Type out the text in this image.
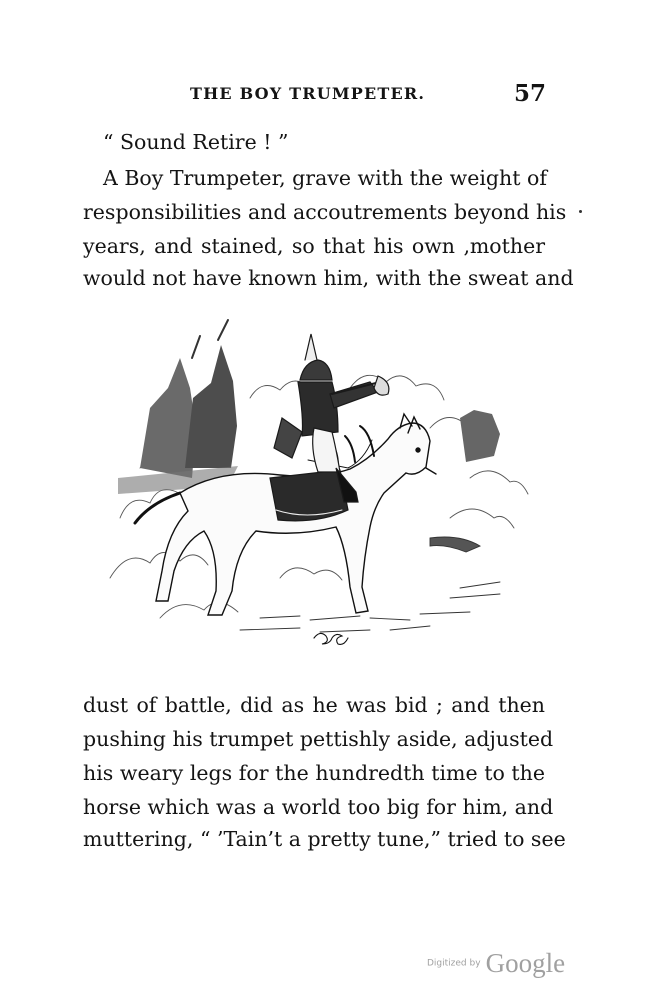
THE BOY TRUMPETER.	57
“ Sound Retire ! ”
A Boy Trumpeter, grave with the weight of
responsibilities and accoutrements beyond his
years, and stained, so that his own ‚mother
would not have known him, with the sweat and
dust of battle, did as he was bid ; and then
pushing his trumpet pettishly aside, adjusted
his weary legs for the hundredth time to the
horse which was a world too big for him, and
muttering, “ ’Tain’t a pretty tune,” tried to see
Digitized by Google
